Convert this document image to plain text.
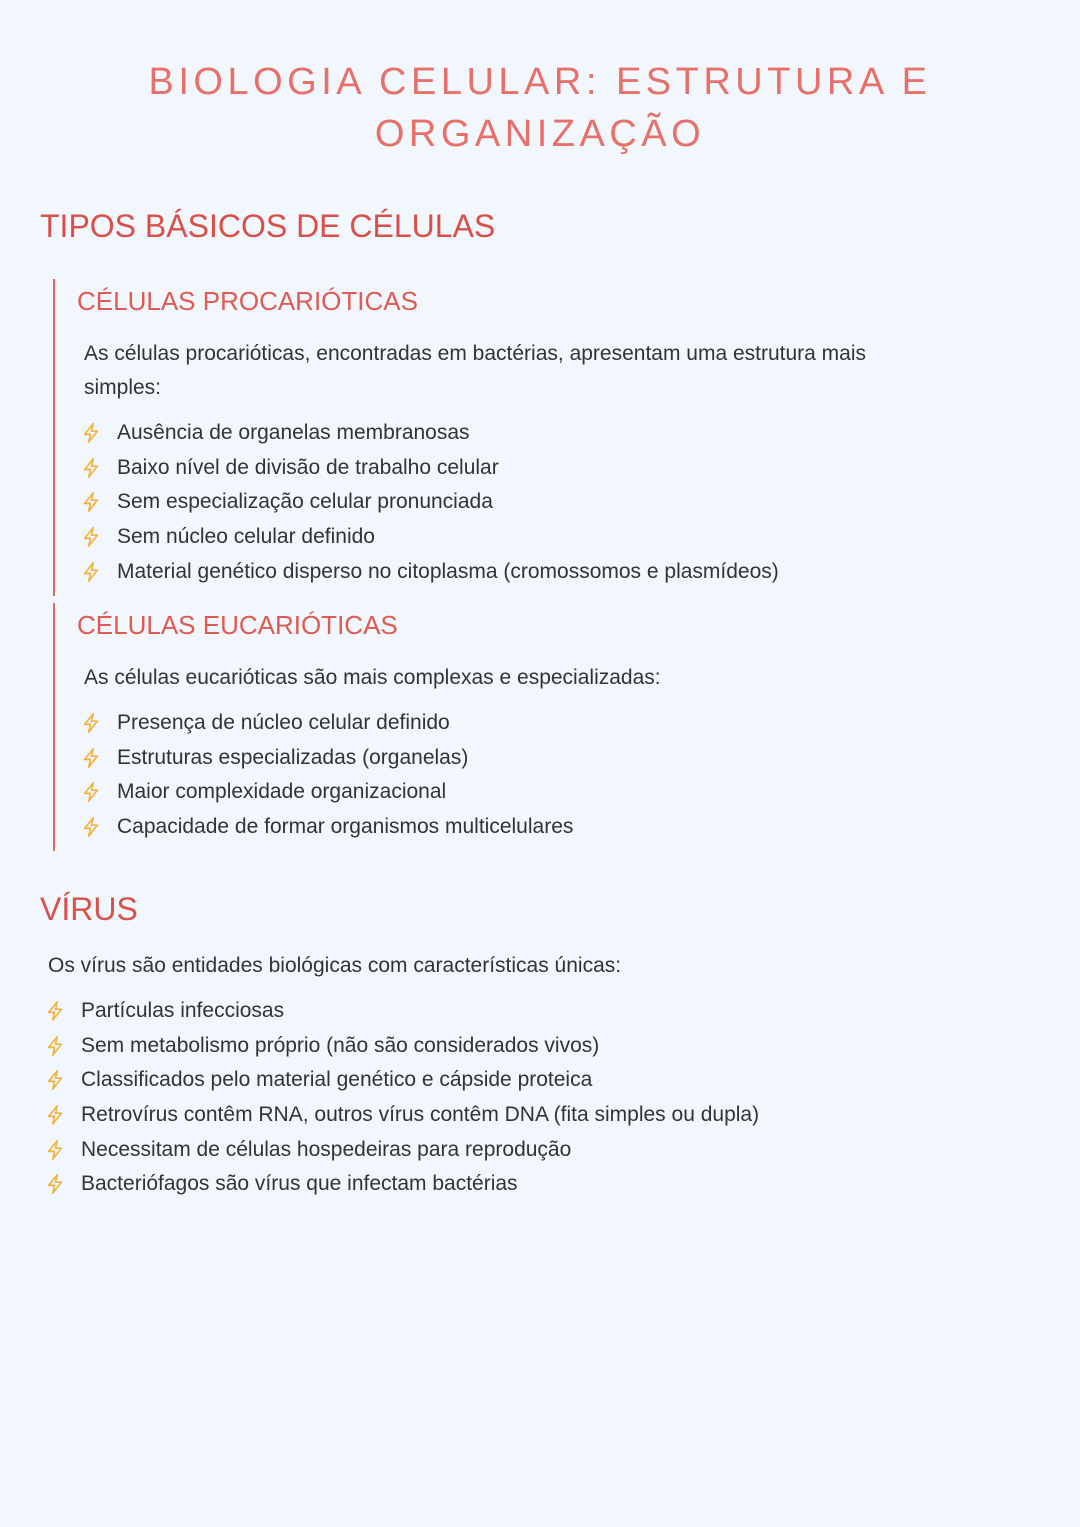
BIOLOGIA CELULAR: ESTRUTURA E
ORGANIZAÇÃO
TIPOS BÁSICOS DE CÉLULAS
CÉLULAS PROCARIÓTICAS

As células procarióticas, encontradas em bactérias, apresentam uma estrutura mais
simples:

Ausência de organelas membranosas
Baixo nível de divisão de trabalho celular
Sem especialização celular pronunciada
Sem núcleo celular definido
Material genético disperso no citoplasma (cromossomos e plasmídeos)
CÉLULAS EUCARIÓTICAS

As células eucarióticas são mais complexas e especializadas:

Presença de núcleo celular definido
Estruturas especializadas (organelas)
Maior complexidade organizacional
Capacidade de formar organismos multicelulares
VÍRUS

Os vírus são entidades biológicas com características únicas:

Partículas infecciosas
Sem metabolismo próprio (não são considerados vivos)
Classificados pelo material genético e cápside proteica
Retrovírus contêm RNA, outros vírus contêm DNA (fita simples ou dupla)
Necessitam de células hospedeiras para reprodução
Bacteriófagos são vírus que infectam bactérias
